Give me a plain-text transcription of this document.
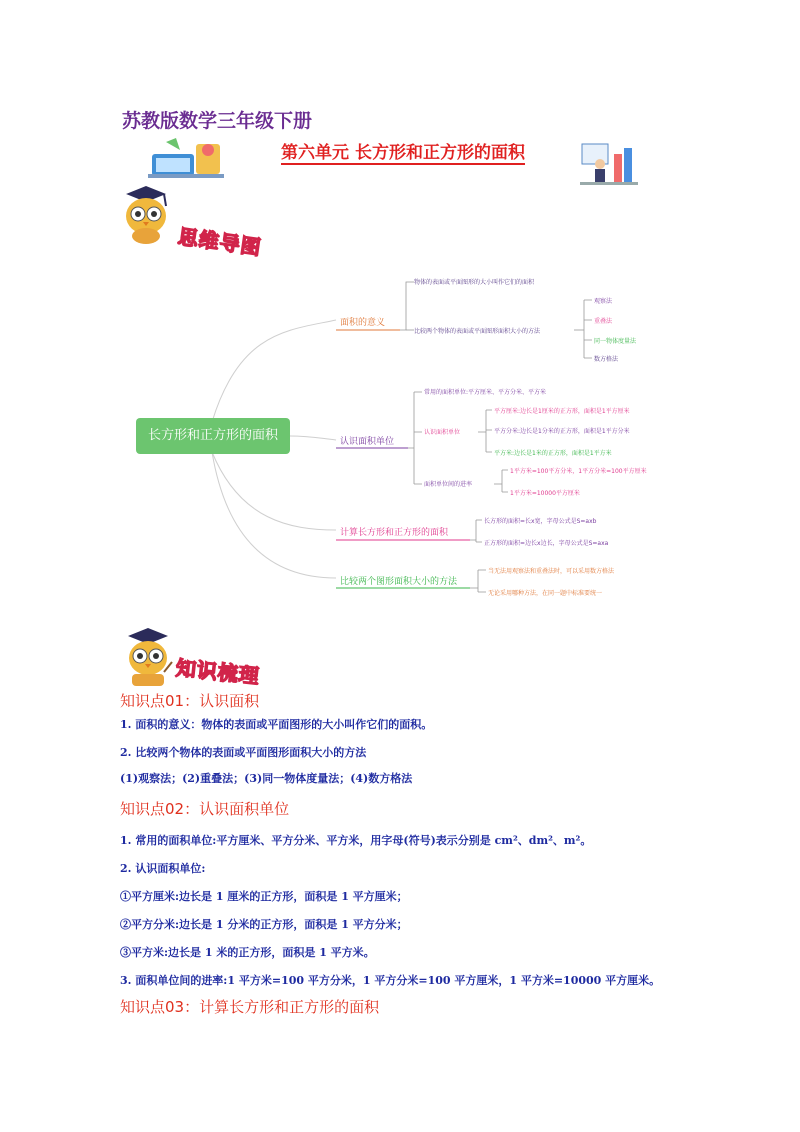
苏教版数学三年级下册
第六单元 长方形和正方形的面积
思维导图
长方形和正方形的面积
面积的意义
物体的表面或平面图形的大小叫作它们的面积
比较两个物体的表面或平面图形面积大小的方法
观察法
重叠法
同一物体度量法
数方格法
认识面积单位
常用的面积单位:平方厘米、平方分米、平方米
认识面积单位
平方厘米:边长是1厘米的正方形，面积是1平方厘米
平方分米:边长是1分米的正方形，面积是1平方分米
平方米:边长是1米的正方形，面积是1平方米
面积单位间的进率
1平方米=100平方分米，1平方分米=100平方厘米
1平方米=10000平方厘米
计算长方形和正方形的面积
长方形的面积=长x宽，字母公式是S=axb
正方形的面积=边长x边长，字母公式是S=axa
比较两个图形面积大小的方法
当无法用观察法和重叠法时，可以采用数方格法
无论采用哪种方法，在同一题中标准要统一
知识梳理
知识点01：认识面积
1. 面积的意义：物体的表面或平面图形的大小叫作它们的面积。
2. 比较两个物体的表面或平面图形面积大小的方法
(1)观察法；(2)重叠法；(3)同一物体度量法；(4)数方格法
知识点02：认识面积单位
1. 常用的面积单位:平方厘米、平方分米、平方米，用字母(符号)表示分别是 cm²、dm²、m²。
2. 认识面积单位:
①平方厘米:边长是 1 厘米的正方形，面积是 1 平方厘米；
②平方分米:边长是 1 分米的正方形，面积是 1 平方分米；
③平方米:边长是 1 米的正方形，面积是 1 平方米。
3. 面积单位间的进率:1 平方米=100 平方分米，1 平方分米=100 平方厘米，1 平方米=10000 平方厘米。
知识点03：计算长方形和正方形的面积
